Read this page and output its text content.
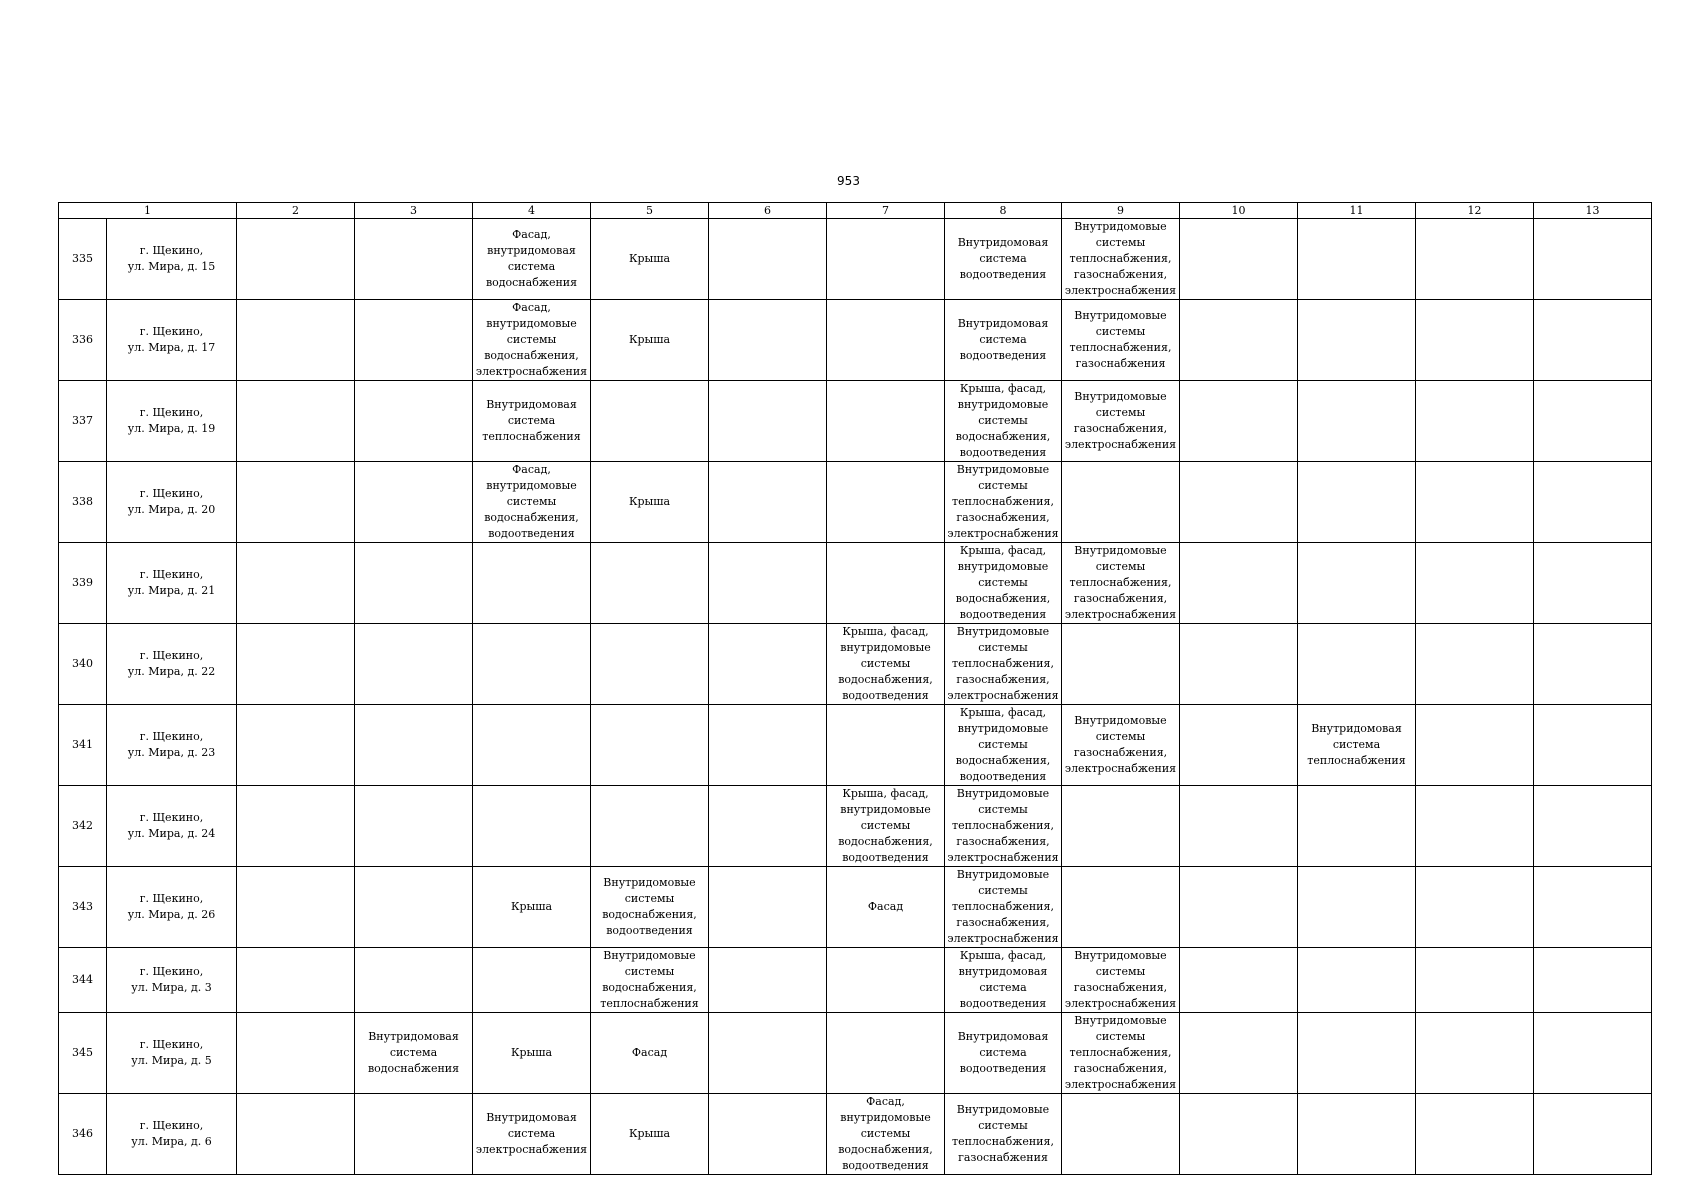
953
1		2	3	4	5	6	7	8	9	10	11	12	13
335	г. Щекино,
ул. Мира, д. 15			Фасад,
внутридомовая
система
водоснабжения	Крыша			Внутридомовая
система
водоотведения	Внутридомовые
системы
теплоснабжения,
газоснабжения,
электроснабжения				
336	г. Щекино,
ул. Мира, д. 17			Фасад,
внутридомовые
системы
водоснабжения,
электроснабжения	Крыша			Внутридомовая
система
водоотведения	Внутридомовые
системы
теплоснабжения,
газоснабжения				
337	г. Щекино,
ул. Мира, д. 19			Внутридомовая
система
теплоснабжения				Крыша, фасад,
внутридомовые
системы
водоснабжения,
водоотведения	Внутридомовые
системы
газоснабжения,
электроснабжения				
338	г. Щекино,
ул. Мира, д. 20			Фасад,
внутридомовые
системы
водоснабжения,
водоотведения	Крыша			Внутридомовые
системы
теплоснабжения,
газоснабжения,
электроснабжения					
339	г. Щекино,
ул. Мира, д. 21							Крыша, фасад,
внутридомовые
системы
водоснабжения,
водоотведения	Внутридомовые
системы
теплоснабжения,
газоснабжения,
электроснабжения				
340	г. Щекино,
ул. Мира, д. 22						Крыша, фасад,
внутридомовые
системы
водоснабжения,
водоотведения	Внутридомовые
системы
теплоснабжения,
газоснабжения,
электроснабжения					
341	г. Щекино,
ул. Мира, д. 23							Крыша, фасад,
внутридомовые
системы
водоснабжения,
водоотведения	Внутридомовые
системы
газоснабжения,
электроснабжения		Внутридомовая
система
теплоснабжения		
342	г. Щекино,
ул. Мира, д. 24						Крыша, фасад,
внутридомовые
системы
водоснабжения,
водоотведения	Внутридомовые
системы
теплоснабжения,
газоснабжения,
электроснабжения					
343	г. Щекино,
ул. Мира, д. 26			Крыша	Внутридомовые
системы
водоснабжения,
водоотведения		Фасад	Внутридомовые
системы
теплоснабжения,
газоснабжения,
электроснабжения					
344	г. Щекино,
ул. Мира, д. 3				Внутридомовые
системы
водоснабжения,
теплоснабжения			Крыша, фасад,
внутридомовая
система
водоотведения	Внутридомовые
системы
газоснабжения,
электроснабжения				
345	г. Щекино,
ул. Мира, д. 5		Внутридомовая
система
водоснабжения	Крыша	Фасад			Внутридомовая
система
водоотведения	Внутридомовые
системы
теплоснабжения,
газоснабжения,
электроснабжения				
346	г. Щекино,
ул. Мира, д. 6			Внутридомовая
система
электроснабжения	Крыша		Фасад,
внутридомовые
системы
водоснабжения,
водоотведения	Внутридомовые
системы
теплоснабжения,
газоснабжения					
